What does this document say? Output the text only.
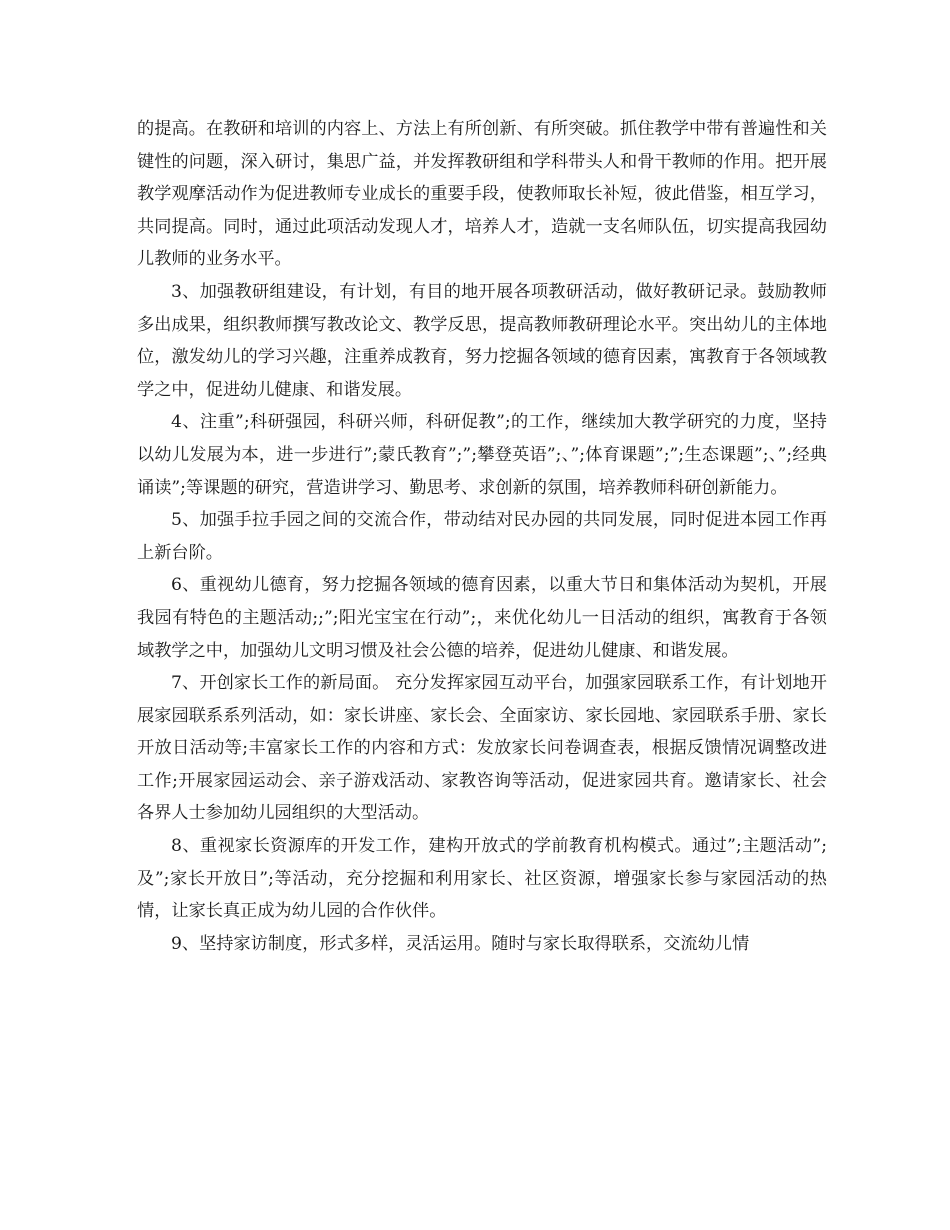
的提高。在教研和培训的内容上、方法上有所创新、有所突破。抓住教学中带有普遍性和关键性的问题，深入研讨，集思广益，并发挥教研组和学科带头人和骨干教师的作用。把开展教学观摩活动作为促进教师专业成长的重要手段，使教师取长补短，彼此借鉴，相互学习，共同提高。同时，通过此项活动发现人才，培养人才，造就一支名师队伍，切实提高我园幼儿教师的业务水平。

3、加强教研组建设，有计划，有目的地开展各项教研活动，做好教研记录。鼓励教师多出成果，组织教师撰写教改论文、教学反思，提高教师教研理论水平。突出幼儿的主体地位，激发幼儿的学习兴趣，注重养成教育，努力挖掘各领域的德育因素，寓教育于各领域教学之中，促进幼儿健康、和谐发展。

4、注重”;科研强园，科研兴师，科研促教”;的工作，继续加大教学研究的力度，坚持以幼儿发展为本，进一步进行”;蒙氏教育”;”;攀登英语”;、”;体育课题”;”;生态课题”;、”;经典诵读”;等课题的研究，营造讲学习、勤思考、求创新的氛围，培养教师科研创新能力。

5、加强手拉手园之间的交流合作，带动结对民办园的共同发展，同时促进本园工作再上新台阶。

6、重视幼儿德育，努力挖掘各领域的德育因素，以重大节日和集体活动为契机，开展我园有特色的主题活动;;”;阳光宝宝在行动”;，来优化幼儿一日活动的组织，寓教育于各领域教学之中，加强幼儿文明习惯及社会公德的培养，促进幼儿健康、和谐发展。

7、开创家长工作的新局面。 充分发挥家园互动平台，加强家园联系工作，有计划地开展家园联系系列活动，如：家长讲座、家长会、全面家访、家长园地、家园联系手册、家长开放日活动等;丰富家长工作的内容和方式：发放家长问卷调查表，根据反馈情况调整改进工作;开展家园运动会、亲子游戏活动、家教咨询等活动，促进家园共育。邀请家长、社会各界人士参加幼儿园组织的大型活动。

8、重视家长资源库的开发工作，建构开放式的学前教育机构模式。通过”;主题活动”;及”;家长开放日”;等活动，充分挖掘和利用家长、社区资源，增强家长参与家园活动的热情，让家长真正成为幼儿园的合作伙伴。

9、坚持家访制度，形式多样，灵活运用。随时与家长取得联系，交流幼儿情
